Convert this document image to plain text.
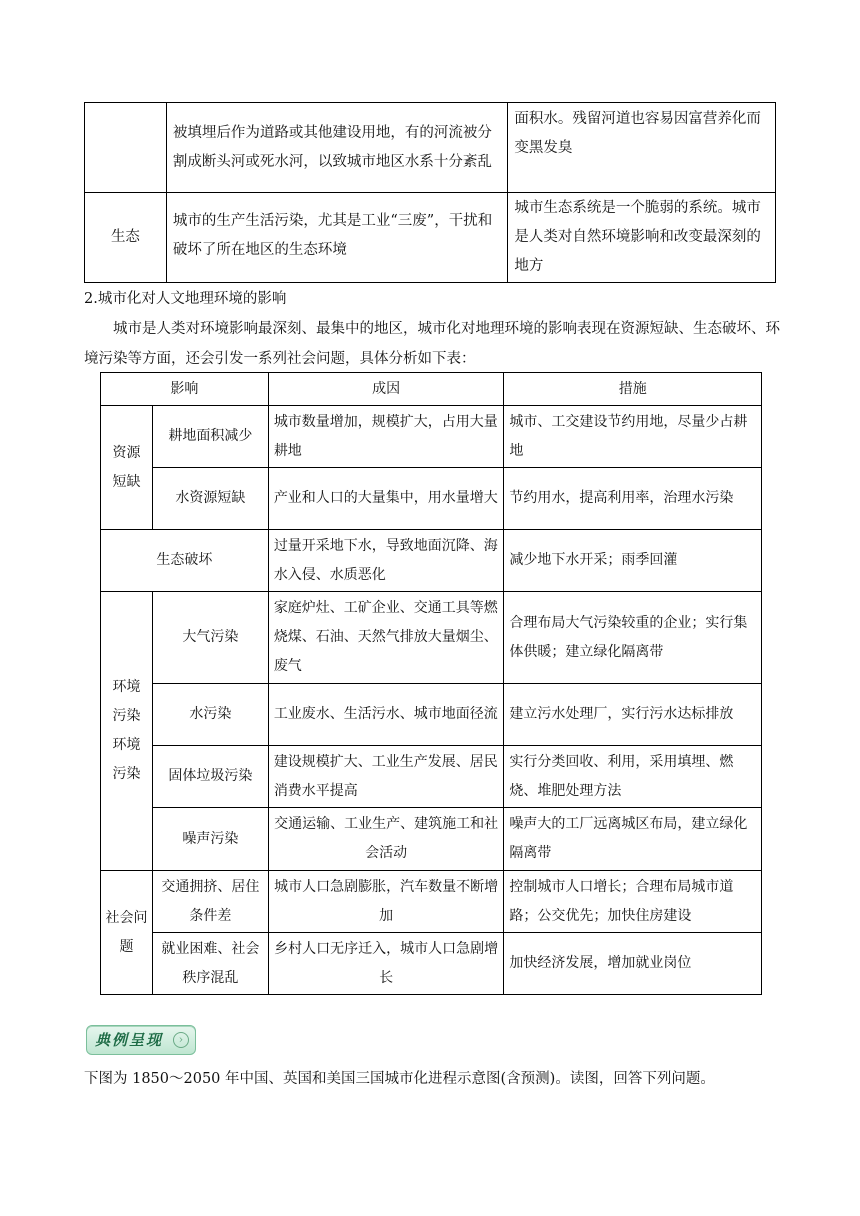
	被填埋后作为道路或其他建设用地，有的河流被分割成断头河或死水河，以致城市地区水系十分紊乱	面积水。残留河道也容易因富营养化而变黑发臭
生态	城市的生产生活污染，尤其是工业“三废”，干扰和破坏了所在地区的生态环境	城市生态系统是一个脆弱的系统。城市是人类对自然环境影响和改变最深刻的地方
2.城市化对人文地理环境的影响
城市是人类对环境影响最深刻、最集中的地区，城市化对地理环境的影响表现在资源短缺、生态破坏、环境污染等方面，还会引发一系列社会问题，具体分析如下表：
影响		成因	措施
资源短缺	耕地面积减少	城市数量增加，规模扩大，占用大量耕地	城市、工交建设节约用地，尽量少占耕地
	水资源短缺	产业和人口的大量集中，用水量增大	节约用水，提高利用率，治理水污染
生态破坏		过量开采地下水，导致地面沉降、海水入侵、水质恶化	减少地下水开采；雨季回灌
环境污染环境污染	大气污染	家庭炉灶、工矿企业、交通工具等燃烧煤、石油、天然气排放大量烟尘、废气	合理布局大气污染较重的企业；实行集体供暖；建立绿化隔离带
	水污染	工业废水、生活污水、城市地面径流	建立污水处理厂，实行污水达标排放
	固体垃圾污染	建设规模扩大、工业生产发展、居民消费水平提高	实行分类回收、利用，采用填埋、燃烧、堆肥处理方法
	噪声污染	交通运输、工业生产、建筑施工和社会活动	噪声大的工厂远离城区布局，建立绿化隔离带
社会问题	交通拥挤、居住条件差	城市人口急剧膨胀，汽车数量不断增加	控制城市人口增长；合理布局城市道路；公交优先；加快住房建设
	就业困难、社会秩序混乱	乡村人口无序迁入，城市人口急剧增长	加快经济发展，增加就业岗位
典例呈现	›
下图为 1850～2050 年中国、英国和美国三国城市化进程示意图(含预测)。读图，回答下列问题。
